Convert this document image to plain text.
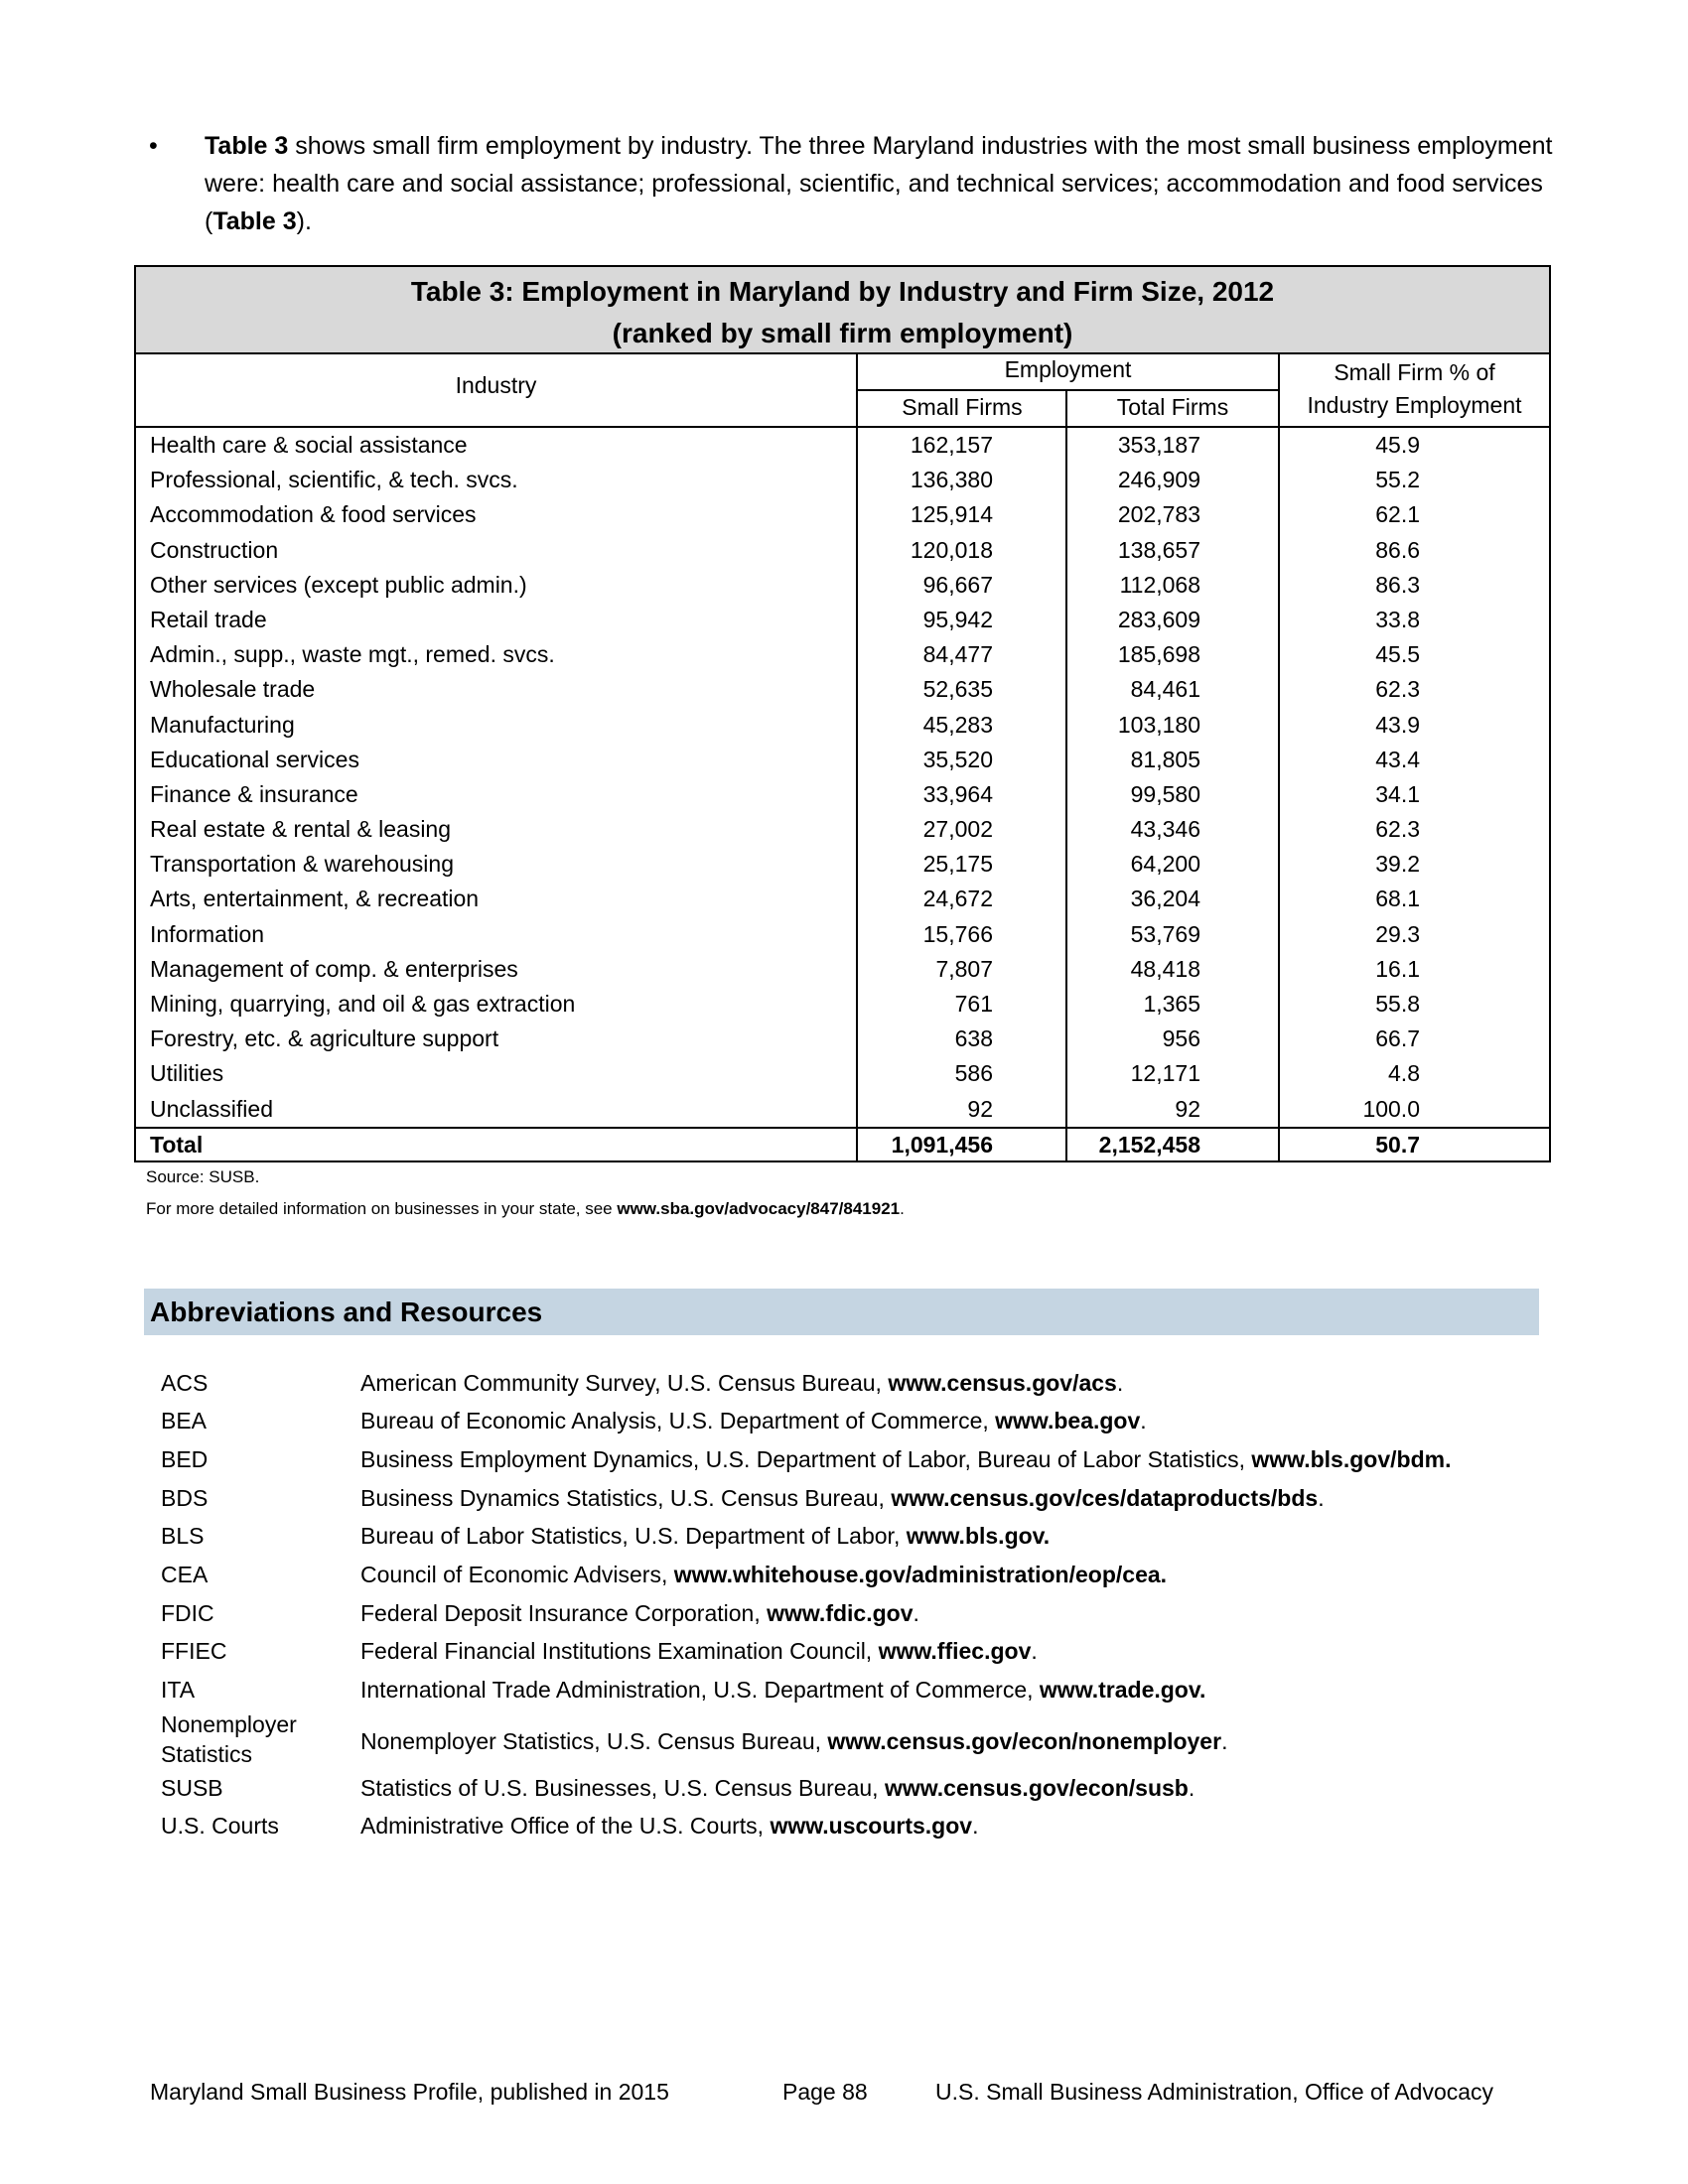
• Table 3 shows small firm employment by industry. The three Maryland industries with the most small business employment were: health care and social assistance; professional, scientific, and technical services; accommodation and food services (Table 3).
Table 3: Employment in Maryland by Industry and Firm Size, 2012
(ranked by small firm employment)
Industry
Employment
Small Firms	Total Firms
Small Firm % of
Industry Employment
Health care & social assistance	162,157	353,187	45.9
Professional, scientific, & tech. svcs.	136,380	246,909	55.2
Accommodation & food services	125,914	202,783	62.1
Construction	120,018	138,657	86.6
Other services (except public admin.)	96,667	112,068	86.3
Retail trade	95,942	283,609	33.8
Admin., supp., waste mgt., remed. svcs.	84,477	185,698	45.5
Wholesale trade	52,635	84,461	62.3
Manufacturing	45,283	103,180	43.9
Educational services	35,520	81,805	43.4
Finance & insurance	33,964	99,580	34.1
Real estate & rental & leasing	27,002	43,346	62.3
Transportation & warehousing	25,175	64,200	39.2
Arts, entertainment, & recreation	24,672	36,204	68.1
Information	15,766	53,769	29.3
Management of comp. & enterprises	7,807	48,418	16.1
Mining, quarrying, and oil & gas extraction	761	1,365	55.8
Forestry, etc. & agriculture support	638	956	66.7
Utilities	586	12,171	4.8
Unclassified	92	92	100.0
Total	1,091,456	2,152,458	50.7
Source: SUSB.
For more detailed information on businesses in your state, see www.sba.gov/advocacy/847/841921.
Abbreviations and Resources
ACS	American Community Survey, U.S. Census Bureau, www.census.gov/acs.
BEA	Bureau of Economic Analysis, U.S. Department of Commerce, www.bea.gov.
BED	Business Employment Dynamics, U.S. Department of Labor, Bureau of Labor Statistics, www.bls.gov/bdm.
BDS	Business Dynamics Statistics, U.S. Census Bureau, www.census.gov/ces/dataproducts/bds.
BLS	Bureau of Labor Statistics, U.S. Department of Labor, www.bls.gov.
CEA	Council of Economic Advisers, www.whitehouse.gov/administration/eop/cea.
FDIC	Federal Deposit Insurance Corporation, www.fdic.gov.
FFIEC	Federal Financial Institutions Examination Council, www.ffiec.gov.
ITA	International Trade Administration, U.S. Department of Commerce, www.trade.gov.
Nonemployer
Statistics	Nonemployer Statistics, U.S. Census Bureau, www.census.gov/econ/nonemployer.
SUSB	Statistics of U.S. Businesses, U.S. Census Bureau, www.census.gov/econ/susb.
U.S. Courts	Administrative Office of the U.S. Courts, www.uscourts.gov.
Maryland Small Business Profile, published in 2015	Page 88	U.S. Small Business Administration, Office of Advocacy
